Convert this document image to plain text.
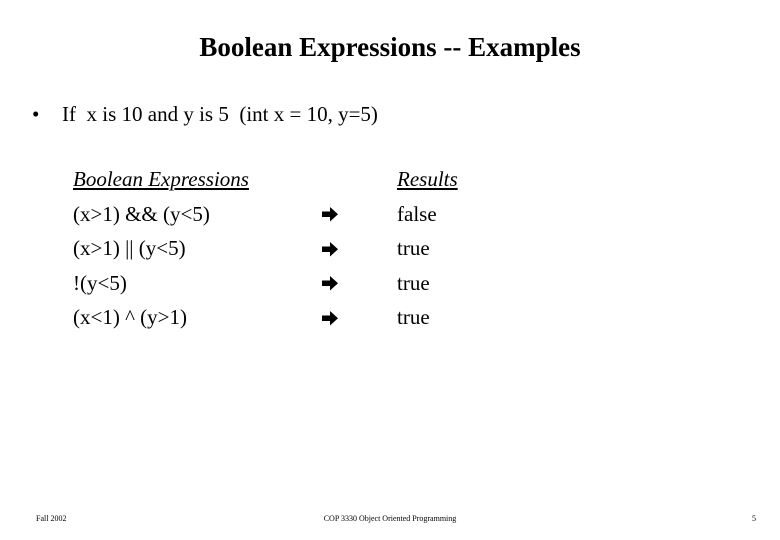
Boolean Expressions -- Examples
• If  x is 10 and y is 5  (int x = 10, y=5)
Boolean Expressions
(x>1) && (y<5)
(x>1) || (y<5)
!(y<5)
(x<1) ^ (y>1)
Results
false
true
true
true
Fall 2002	COP 3330 Object Oriented Programming	5
